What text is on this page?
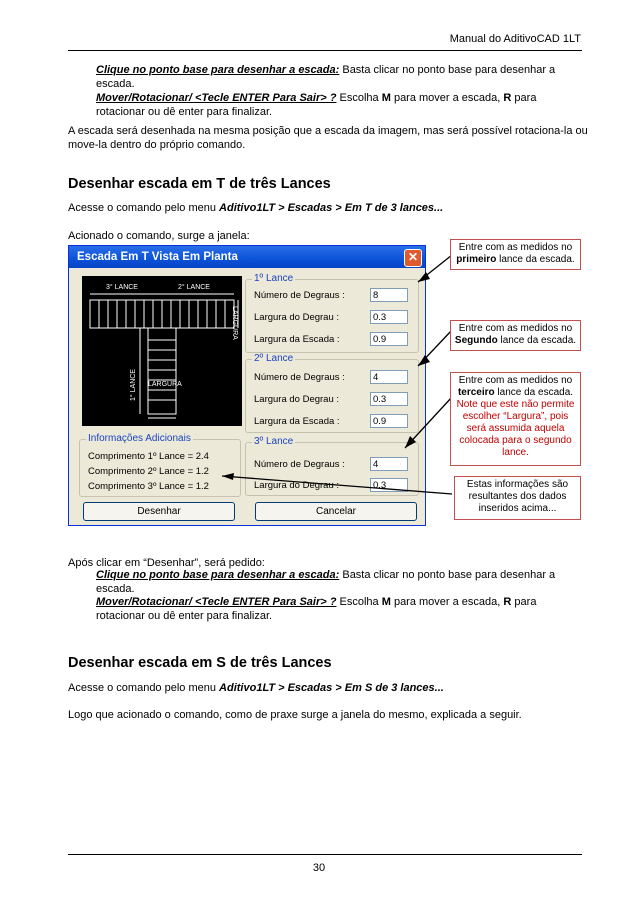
Manual do AditivoCAD 1LT
Clique no ponto base para desenhar a escada: Basta clicar no ponto base para desenhar a escada.
Mover/Rotacionar/ <Tecle ENTER Para Sair> ? Escolha M para mover a escada, R para rotacionar ou dê enter para finalizar.
A escada será desenhada na mesma posição que a escada da imagem, mas será possível rotaciona-la ou move-la dentro do próprio comando.
Desenhar escada em T de três Lances
Acesse o comando pelo menu Aditivo1LT > Escadas > Em T de 3 lances...
Acionado o comando, surge a janela:
Escada Em T Vista Em Planta	✕
3° LANCE	2° LANCE
1° LANCE LARGURA
LARGURA
1º Lance
Número de Degraus :	8
Largura do Degrau :	0.3
Largura da Escada :	0.9
2º Lance
Número de Degraus :	4
Largura do Degrau :	0.3
Largura da Escada :	0.9
3º Lance
Número de Degraus :	4
Largura do Degrau :	0.3
Informações Adicionais
Comprimento 1º Lance = 2.4
Comprimento 2º Lance = 1.2
Comprimento 3º Lance = 1.2
Desenhar	Cancelar
Entre com as medidos no primeiro lance da escada.
Entre com as medidos no Segundo lance da escada.
Entre com as medidos no terceiro lance da escada.
Note que este não permite escolher “Largura”, pois será assumida aquela colocada para o segundo lance.
Estas informações são resultantes dos dados inseridos acima...
Após clicar em “Desenhar”, será pedido:
Clique no ponto base para desenhar a escada: Basta clicar no ponto base para desenhar a escada.
Mover/Rotacionar/ <Tecle ENTER Para Sair> ? Escolha M para mover a escada, R para rotacionar ou dê enter para finalizar.
Desenhar escada em S de três Lances
Acesse o comando pelo menu Aditivo1LT > Escadas > Em S de 3 lances...
Logo que acionado o comando, como de praxe surge a janela do mesmo, explicada a seguir.
30
